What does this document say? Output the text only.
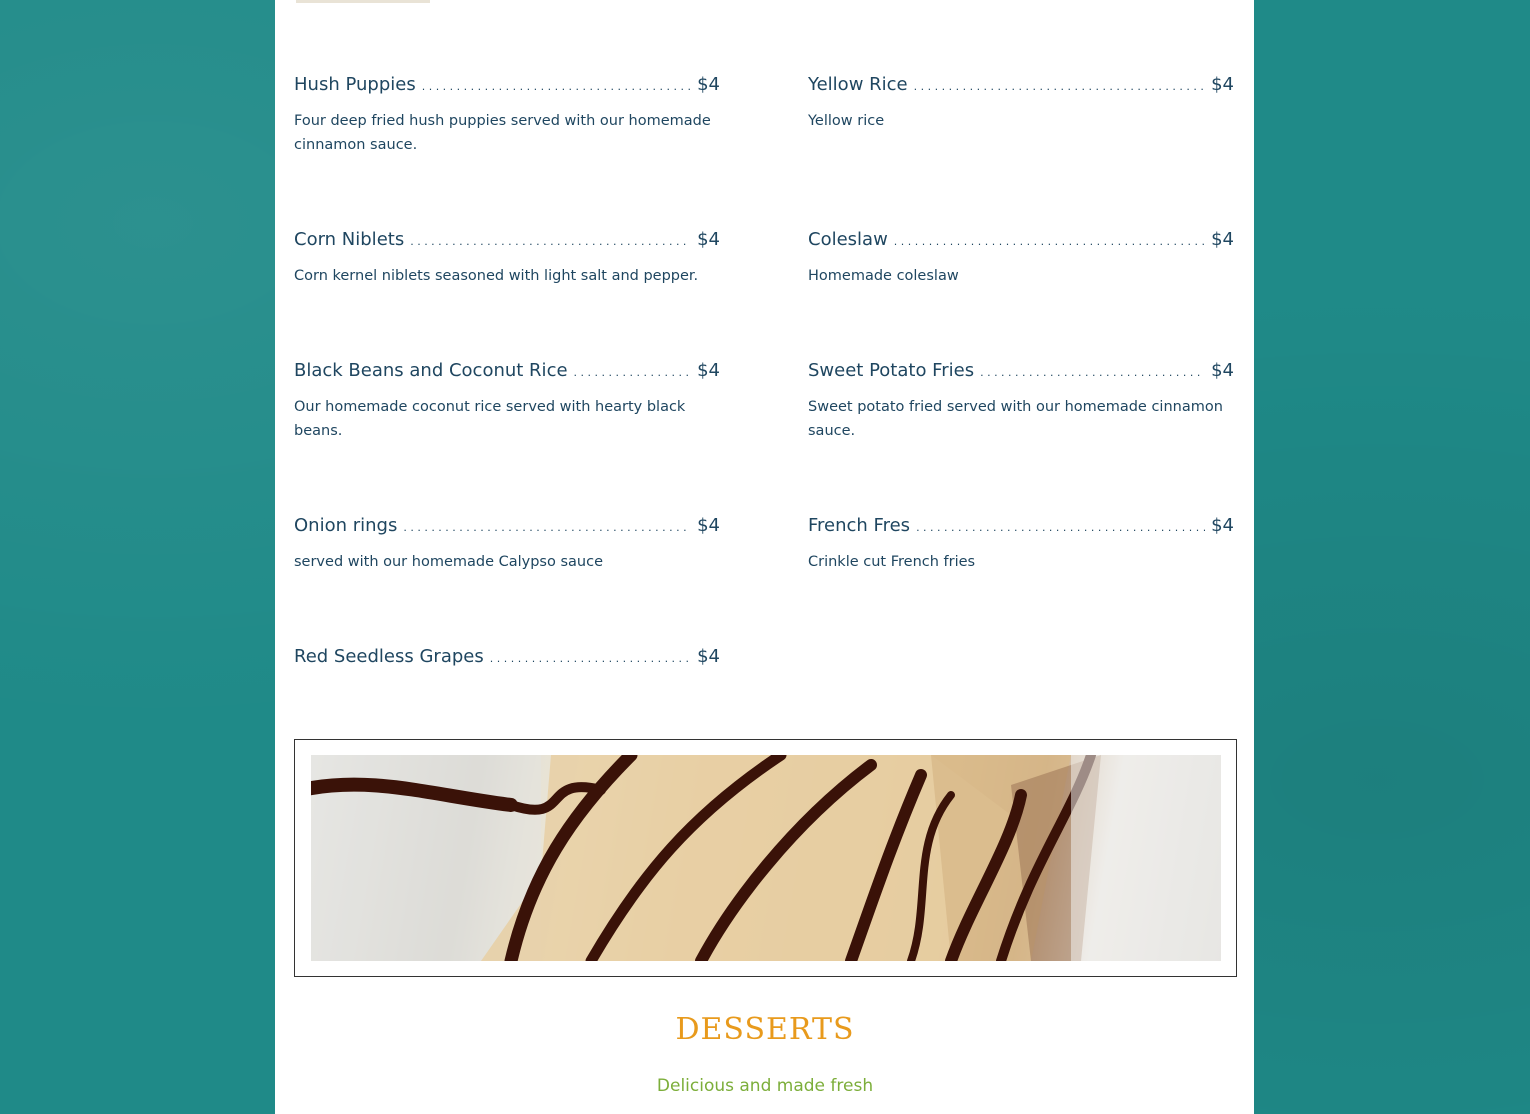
Hush Puppies . . .	$4
Four deep fried hush puppies served with our homemade cinnamon sauce.
Corn Niblets . . .	$4
Corn kernel niblets seasoned with light salt and pepper.
Black Beans and Coconut Rice . . .	$4
Our homemade coconut rice served with hearty black beans.
Onion rings . . .	$4
served with our homemade Calypso sauce
Red Seedless Grapes . . .	$4
Yellow Rice . . .	$4
Yellow rice
Coleslaw . . .	$4
Homemade coleslaw
Sweet Potato Fries . . .	$4
Sweet potato fried served with our homemade cinnamon sauce.
French Fres . . .	$4
Crinkle cut French fries
DESSERTS
Delicious and made fresh
